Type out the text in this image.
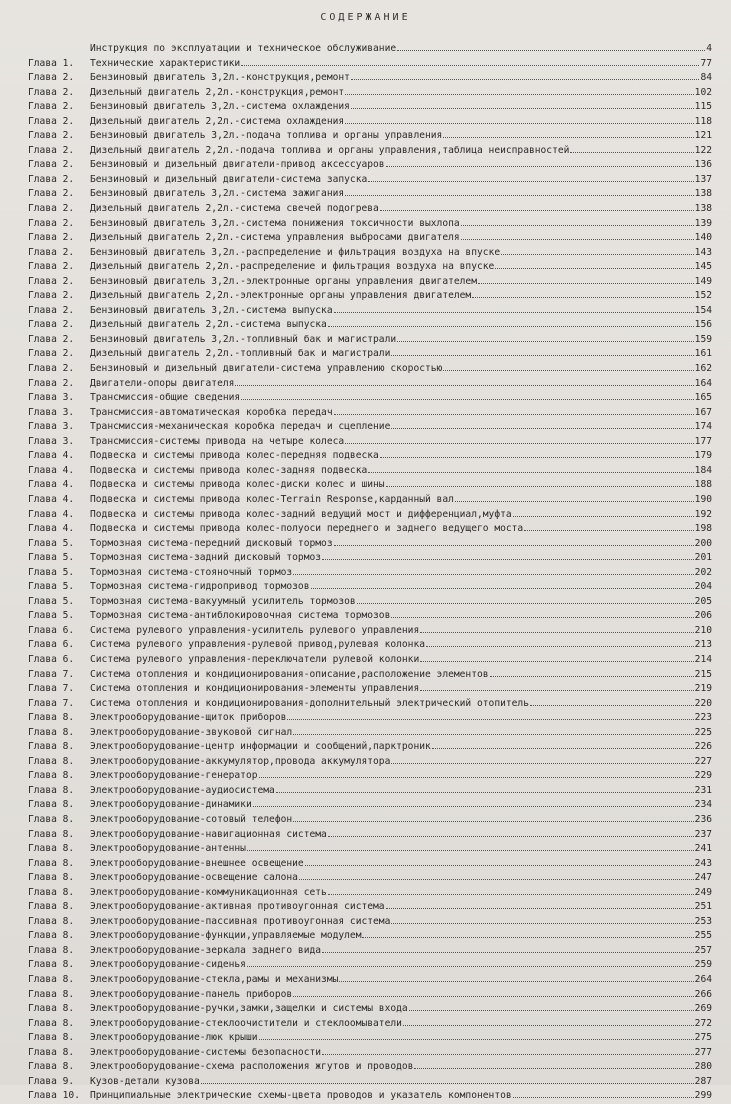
СОДЕРЖАНИЕ
Инструкция по эксплуатации и техническое обслуживание	4
Глава 1.	Технические характеристики	77
Глава 2.	Бензиновый двигатель 3,2л.-конструкция,ремонт	84
Глава 2.	Дизельный двигатель 2,2л.-конструкция,ремонт	102
Глава 2.	Бензиновый двигатель 3,2л.-система охлаждения	115
Глава 2.	Дизельный двигатель 2,2л.-система охлаждения	118
Глава 2.	Бензиновый двигатель 3,2л.-подача топлива и органы управления	121
Глава 2.	Дизельный двигатель 2,2л.-подача топлива и органы управления,таблица неисправностей	122
Глава 2.	Бензиновый и дизельный двигатели-привод аксессуаров	136
Глава 2.	Бензиновый и дизельный двигатели-система запуска	137
Глава 2.	Бензиновый двигатель 3,2л.-система зажигания	138
Глава 2.	Дизельный двигатель 2,2л.-система свечей подогрева	138
Глава 2.	Бензиновый двигатель 3,2л.-система понижения токсичности выхлопа	139
Глава 2.	Дизельный двигатель 2,2л.-система управления выбросами двигателя	140
Глава 2.	Бензиновый двигатель 3,2л.-распределение и фильтрация воздуха на впуске	143
Глава 2.	Дизельный двигатель 2,2л.-распределение и фильтрация воздуха на впуске	145
Глава 2.	Бензиновый двигатель 3,2л.-электронные органы управления двигателем	149
Глава 2.	Дизельный двигатель 2,2л.-электронные органы управления двигателем	152
Глава 2.	Бензиновый двигатель 3,2л.-система выпуска	154
Глава 2.	Дизельный двигатель 2,2л.-система выпуска	156
Глава 2.	Бензиновый двигатель 3,2л.-топливный бак и магистрали	159
Глава 2.	Дизельный двигатель 2,2л.-топливный бак и магистрали	161
Глава 2.	Бензиновый и дизельный двигатели-система управлению скоростью	162
Глава 2.	Двигатели-опоры двигателя	164
Глава 3.	Трансмиссия-общие сведения	165
Глава 3.	Трансмиссия-автоматическая коробка передач	167
Глава 3.	Трансмиссия-механическая коробка передач и сцепление	174
Глава 3.	Трансмиссия-системы привода на четыре колеса	177
Глава 4.	Подвеска и системы привода колес-передняя подвеска	179
Глава 4.	Подвеска и системы привода колес-задняя подвеска	184
Глава 4.	Подвеска и системы привода колес-диски колес и шины	188
Глава 4.	Подвеска и системы привода колес-Terrain Response,карданный вал	190
Глава 4.	Подвеска и системы привода колес-задний ведущий мост и дифференциал,муфта	192
Глава 4.	Подвеска и системы привода колес-полуоси переднего и заднего ведущего моста	198
Глава 5.	Тормозная система-передний дисковый тормоз	200
Глава 5.	Тормозная система-задний дисковый тормоз	201
Глава 5.	Тормозная система-стояночный тормоз	202
Глава 5.	Тормозная система-гидропривод тормозов	204
Глава 5.	Тормозная система-вакуумный усилитель тормозов	205
Глава 5.	Тормозная система-антиблокировочная система тормозов	206
Глава 6.	Система рулевого управления-усилитель рулевого управления	210
Глава 6.	Система рулевого управления-рулевой привод,рулевая колонка	213
Глава 6.	Система рулевого управления-переключатели рулевой колонки	214
Глава 7.	Система отопления и кондиционирования-описание,расположение элементов	215
Глава 7.	Система отопления и кондиционирования-элементы управления	219
Глава 7.	Система отопления и кондиционирования-дополнительный электрический отопитель	220
Глава 8.	Электрооборудование-щиток приборов	223
Глава 8.	Электрооборудование-звуковой сигнал	225
Глава 8.	Электрооборудование-центр информации и сообщений,парктроник	226
Глава 8.	Электрооборудование-аккумулятор,провода аккумулятора	227
Глава 8.	Электрооборудование-генератор	229
Глава 8.	Электрооборудование-аудиосистема	231
Глава 8.	Электрооборудование-динамики	234
Глава 8.	Электрооборудование-сотовый телефон	236
Глава 8.	Электрооборудование-навигационная система	237
Глава 8.	Электрооборудование-антенны	241
Глава 8.	Электрооборудование-внешнее освещение	243
Глава 8.	Электрооборудование-освещение салона	247
Глава 8.	Электрооборудование-коммуникационная сеть	249
Глава 8.	Электрооборудование-активная противоугонная система	251
Глава 8.	Электрооборудование-пассивная противоугонная система	253
Глава 8.	Электрооборудование-функции,управляемые модулем	255
Глава 8.	Электрооборудование-зеркала заднего вида	257
Глава 8.	Электрооборудование-сиденья	259
Глава 8.	Электрооборудование-стекла,рамы и механизмы	264
Глава 8.	Электрооборудование-панель приборов	266
Глава 8.	Электрооборудование-ручки,замки,защелки и системы входа	269
Глава 8.	Электрооборудование-стеклоочистители и стеклоомыватели	272
Глава 8.	Электрооборудование-люк крыши	275
Глава 8.	Электрооборудование-системы безопасности	277
Глава 8.	Электрооборудование-схема расположения жгутов и проводов	280
Глава 9.	Кузов-детали кузова	287
Глава 10.	Принципиальные электрические схемы-цвета проводов и указатель компонентов	299
